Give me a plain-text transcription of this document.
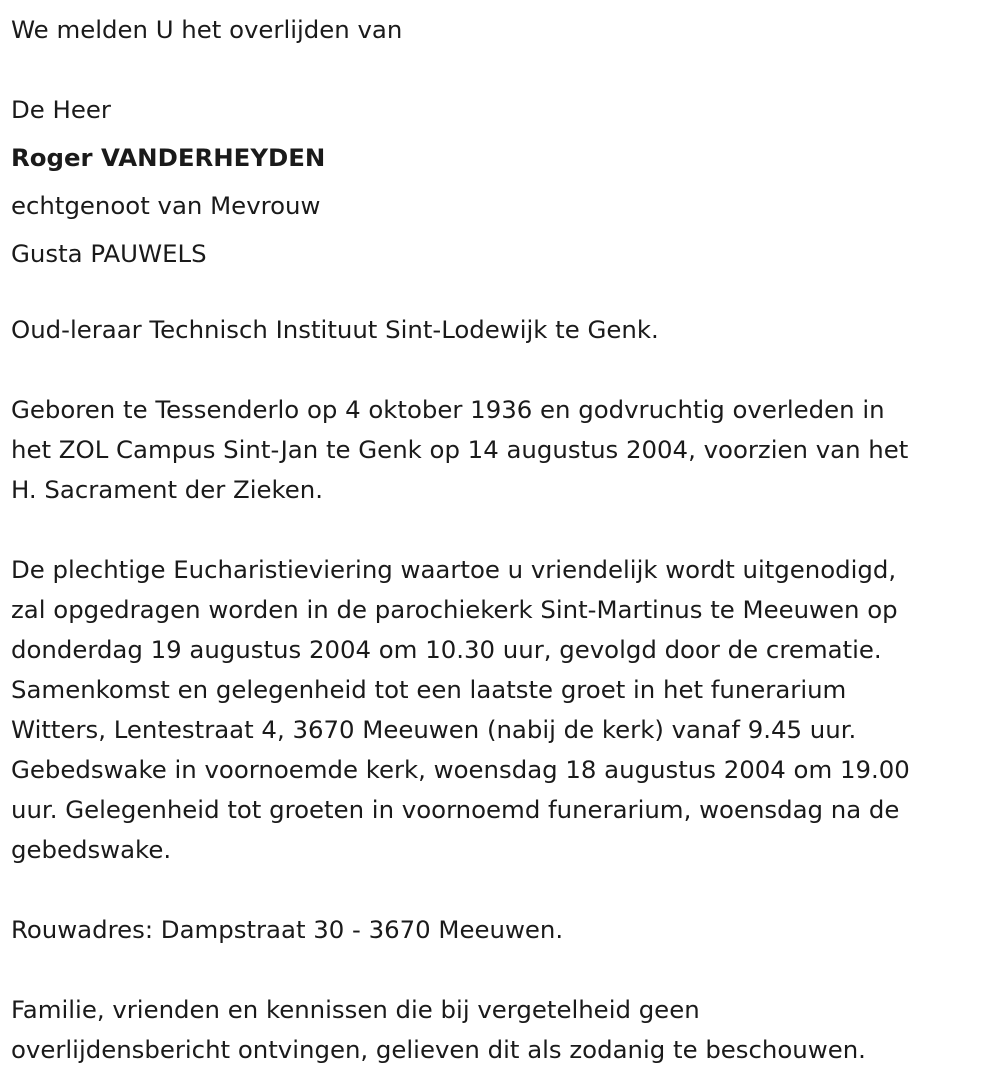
We melden U het overlijden van
De Heer
Roger VANDERHEYDEN
echtgenoot van Mevrouw
Gusta PAUWELS
Oud-leraar Technisch Instituut Sint-Lodewijk te Genk.
Geboren te Tessenderlo op 4 oktober 1936 en godvruchtig overleden in
het ZOL Campus Sint-Jan te Genk op 14 augustus 2004, voorzien van het
H. Sacrament der Zieken.
De plechtige Eucharistieviering waartoe u vriendelijk wordt uitgenodigd,
zal opgedragen worden in de parochiekerk Sint-Martinus te Meeuwen op
donderdag 19 augustus 2004 om 10.30 uur, gevolgd door de crematie.
Samenkomst en gelegenheid tot een laatste groet in het funerarium
Witters, Lentestraat 4, 3670 Meeuwen (nabij de kerk) vanaf 9.45 uur.
Gebedswake in voornoemde kerk, woensdag 18 augustus 2004 om 19.00
uur. Gelegenheid tot groeten in voornoemd funerarium, woensdag na de
gebedswake.
Rouwadres: Dampstraat 30 - 3670 Meeuwen.
Familie, vrienden en kennissen die bij vergetelheid geen
overlijdensbericht ontvingen, gelieven dit als zodanig te beschouwen.
